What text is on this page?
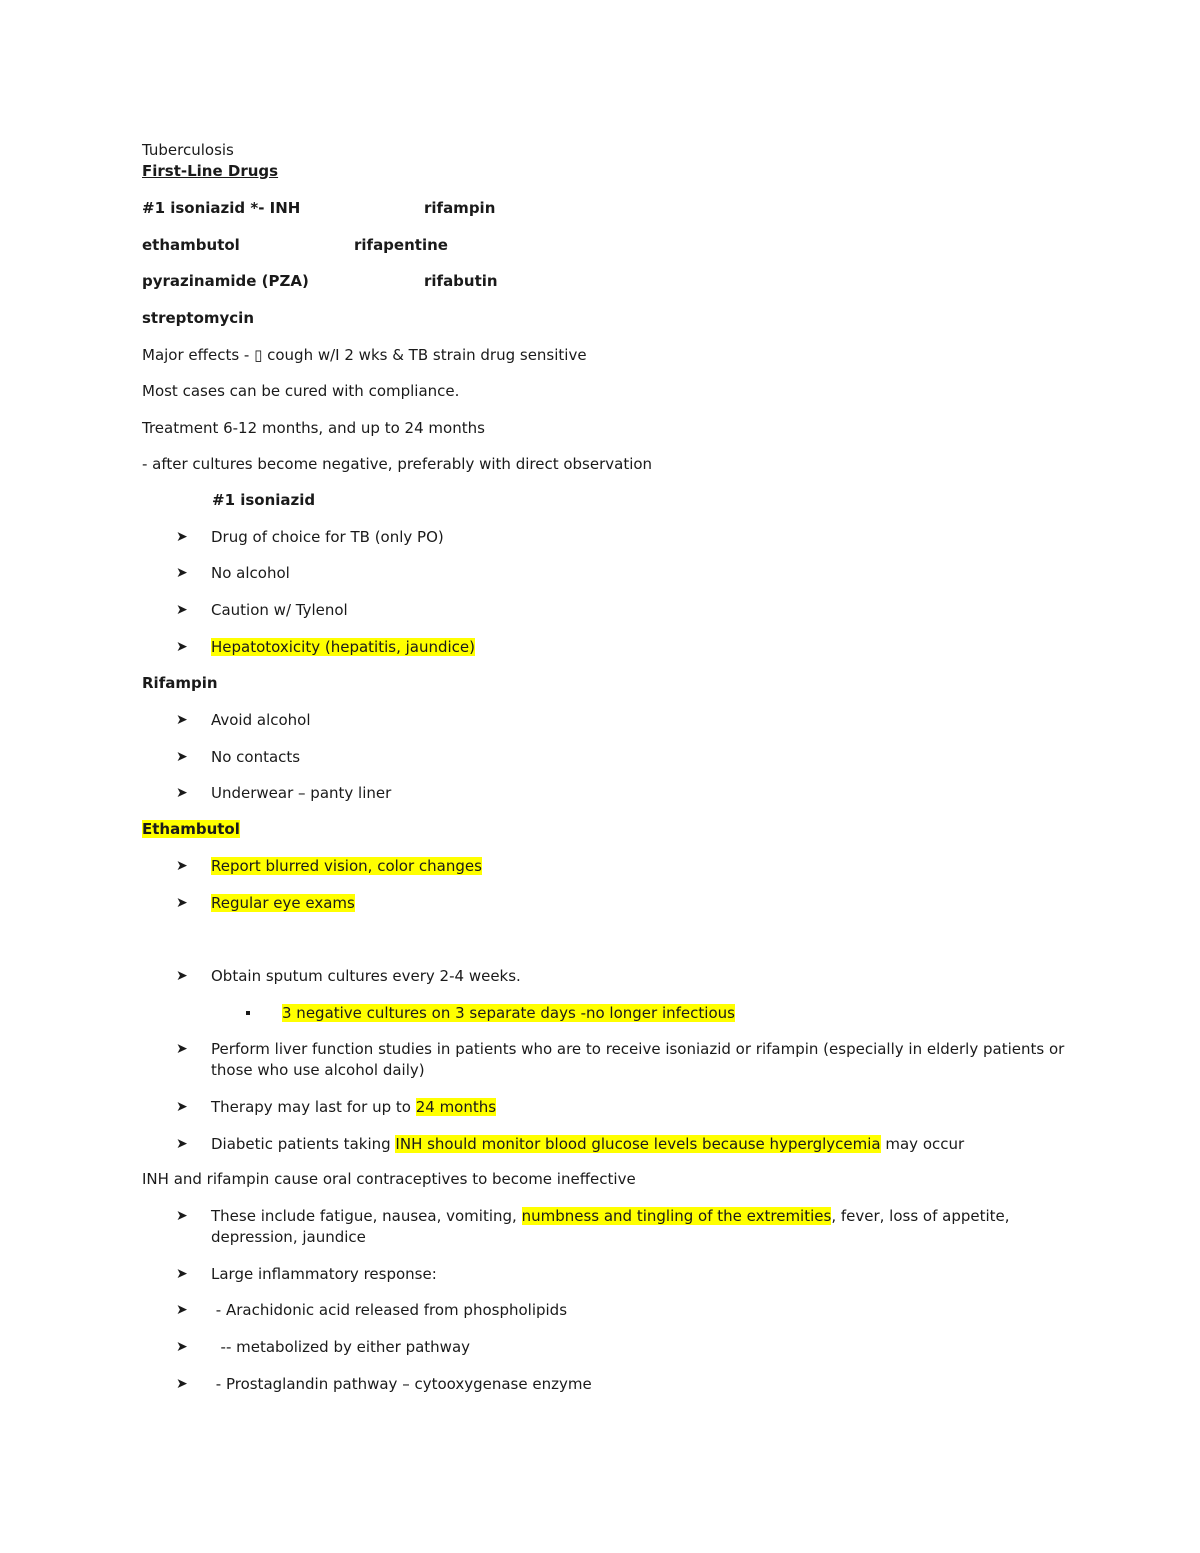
Tuberculosis
First-Line Drugs
#1 isoniazid *- INH	rifampin
ethambutol	rifapentine
pyrazinamide (PZA)	rifabutin
streptomycin
Major effects - ▯ cough w/I 2 wks & TB strain drug sensitive
Most cases can be cured with compliance.
Treatment 6-12 months, and up to 24 months
- after cultures become negative, preferably with direct observation
#1 isoniazid
➤ Drug of choice for TB (only PO)
➤ No alcohol
➤ Caution w/ Tylenol
➤ Hepatotoxicity (hepatitis, jaundice)
Rifampin
➤ Avoid alcohol
➤ No contacts
➤ Underwear – panty liner
Ethambutol
➤ Report blurred vision, color changes
➤ Regular eye exams
➤ Obtain sputum cultures every 2-4 weeks.
3 negative cultures on 3 separate days -no longer infectious
➤ Perform liver function studies in patients who are to receive isoniazid or rifampin (especially in elderly patients or those who use alcohol daily)
➤ Therapy may last for up to 24 months
➤ Diabetic patients taking INH should monitor blood glucose levels because hyperglycemia may occur
INH and rifampin cause oral contraceptives to become ineffective
➤ These include fatigue, nausea, vomiting, numbness and tingling of the extremities, fever, loss of appetite, depression, jaundice
➤ Large inflammatory response:
➤ - Arachidonic acid released from phospholipids
➤ -- metabolized by either pathway
➤ - Prostaglandin pathway – cytooxygenase enzyme
